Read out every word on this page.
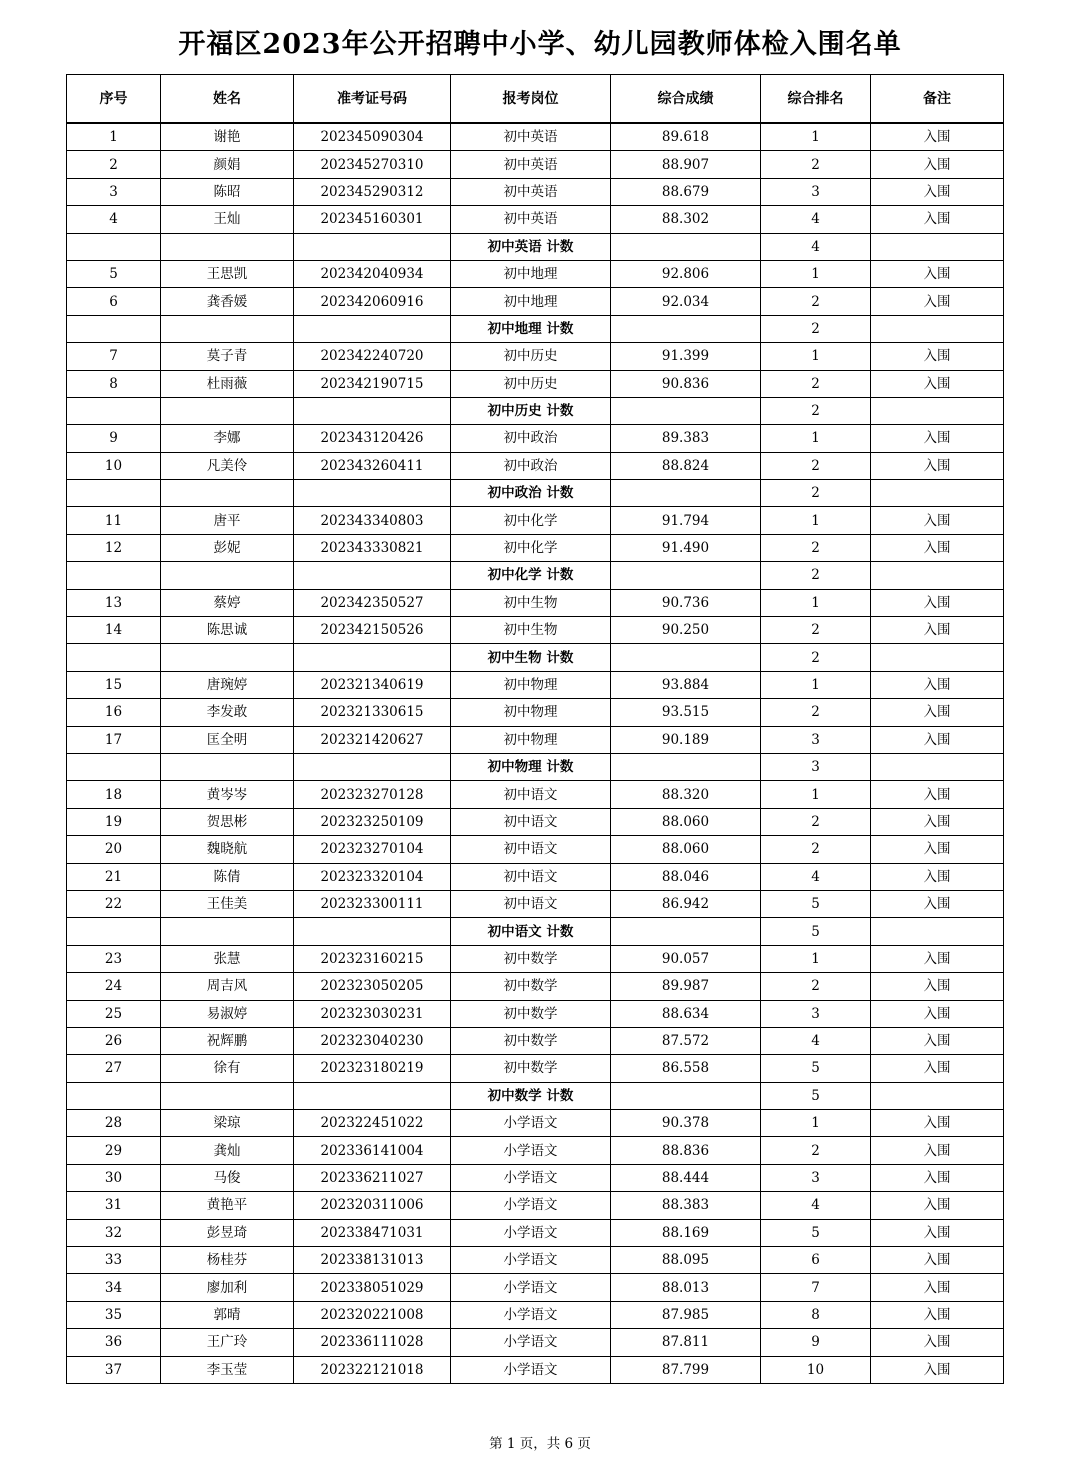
开福区2023年公开招聘中小学、幼儿园教师体检入围名单
序号	姓名	准考证号码	报考岗位	综合成绩	综合排名	备注
1	谢艳	202345090304	初中英语	89.618	1	入围
2	颜娟	202345270310	初中英语	88.907	2	入围
3	陈昭	202345290312	初中英语	88.679	3	入围
4	王灿	202345160301	初中英语	88.302	4	入围
			初中英语 计数		4	
5	王思凯	202342040934	初中地理	92.806	1	入围
6	龚香媛	202342060916	初中地理	92.034	2	入围
			初中地理 计数		2	
7	莫子青	202342240720	初中历史	91.399	1	入围
8	杜雨薇	202342190715	初中历史	90.836	2	入围
			初中历史 计数		2	
9	李娜	202343120426	初中政治	89.383	1	入围
10	凡美伶	202343260411	初中政治	88.824	2	入围
			初中政治 计数		2	
11	唐平	202343340803	初中化学	91.794	1	入围
12	彭妮	202343330821	初中化学	91.490	2	入围
			初中化学 计数		2	
13	蔡婷	202342350527	初中生物	90.736	1	入围
14	陈思诚	202342150526	初中生物	90.250	2	入围
			初中生物 计数		2	
15	唐琬婷	202321340619	初中物理	93.884	1	入围
16	李发敢	202321330615	初中物理	93.515	2	入围
17	匡全明	202321420627	初中物理	90.189	3	入围
			初中物理 计数		3	
18	黄岑岑	202323270128	初中语文	88.320	1	入围
19	贺思彬	202323250109	初中语文	88.060	2	入围
20	魏晓航	202323270104	初中语文	88.060	2	入围
21	陈倩	202323320104	初中语文	88.046	4	入围
22	王佳美	202323300111	初中语文	86.942	5	入围
			初中语文 计数		5	
23	张慧	202323160215	初中数学	90.057	1	入围
24	周吉风	202323050205	初中数学	89.987	2	入围
25	易淑婷	202323030231	初中数学	88.634	3	入围
26	祝辉鹏	202323040230	初中数学	87.572	4	入围
27	徐有	202323180219	初中数学	86.558	5	入围
			初中数学 计数		5	
28	梁琼	202322451022	小学语文	90.378	1	入围
29	龚灿	202336141004	小学语文	88.836	2	入围
30	马俊	202336211027	小学语文	88.444	3	入围
31	黄艳平	202320311006	小学语文	88.383	4	入围
32	彭昱琦	202338471031	小学语文	88.169	5	入围
33	杨桂芬	202338131013	小学语文	88.095	6	入围
34	廖加利	202338051029	小学语文	88.013	7	入围
35	郭晴	202320221008	小学语文	87.985	8	入围
36	王广玲	202336111028	小学语文	87.811	9	入围
37	李玉莹	202322121018	小学语文	87.799	10	入围
第 1 页，共 6 页
